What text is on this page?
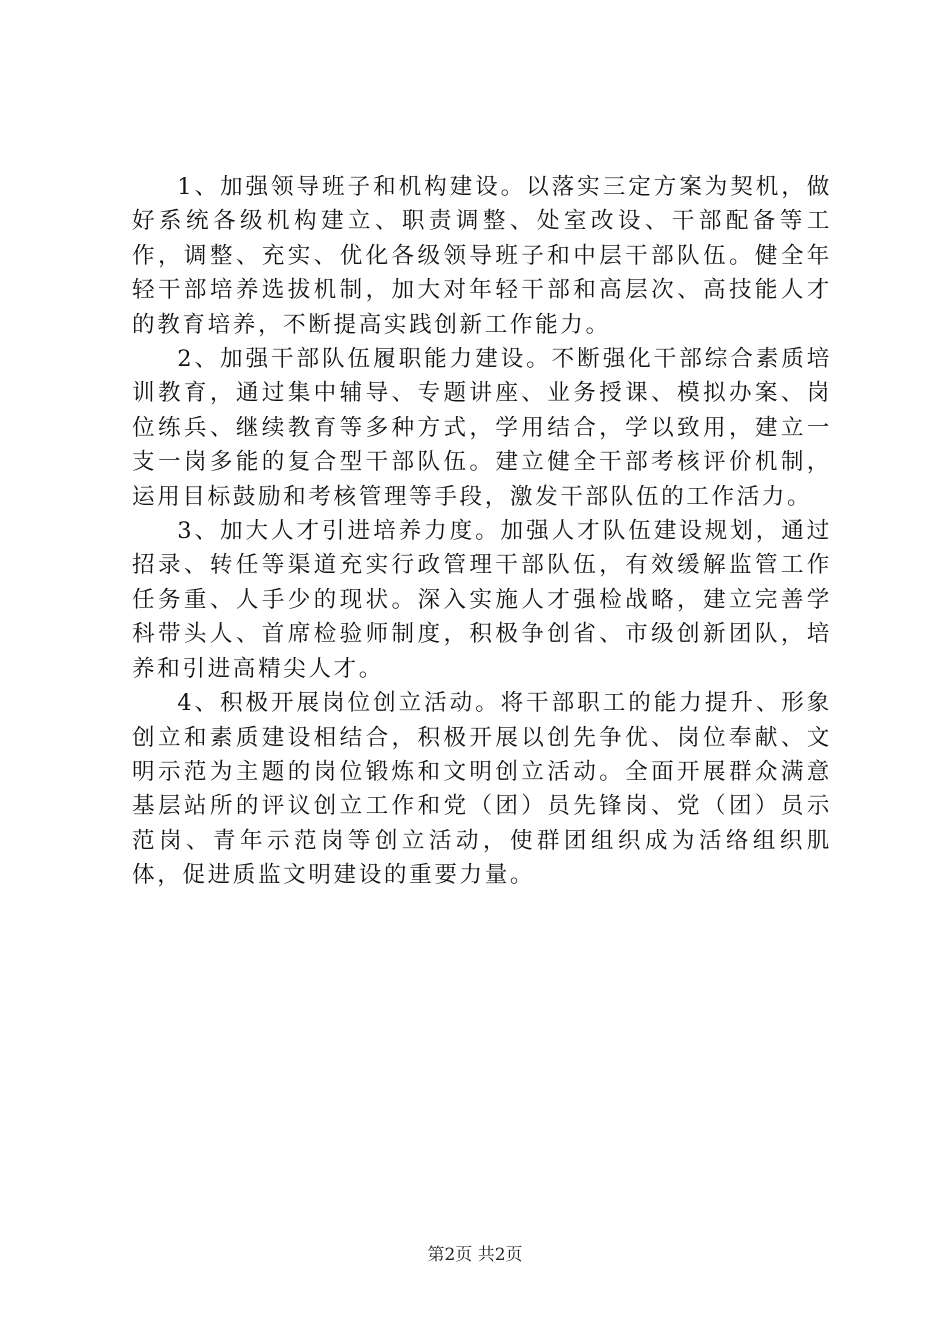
1、加强领导班子和机构建设。以落实三定方案为契机，做好系统各级机构建立、职责调整、处室改设、干部配备等工作，调整、充实、优化各级领导班子和中层干部队伍。健全年轻干部培养选拔机制，加大对年轻干部和高层次、高技能人才的教育培养，不断提高实践创新工作能力。

2、加强干部队伍履职能力建设。不断强化干部综合素质培训教育，通过集中辅导、专题讲座、业务授课、模拟办案、岗位练兵、继续教育等多种方式，学用结合，学以致用，建立一支一岗多能的复合型干部队伍。建立健全干部考核评价机制，运用目标鼓励和考核管理等手段，激发干部队伍的工作活力。

3、加大人才引进培养力度。加强人才队伍建设规划，通过招录、转任等渠道充实行政管理干部队伍，有效缓解监管工作任务重、人手少的现状。深入实施人才强检战略，建立完善学科带头人、首席检验师制度，积极争创省、市级创新团队，培养和引进高精尖人才。

4、积极开展岗位创立活动。将干部职工的能力提升、形象创立和素质建设相结合，积极开展以创先争优、岗位奉献、文明示范为主题的岗位锻炼和文明创立活动。全面开展群众满意基层站所的评议创立工作和党（团）员先锋岗、党（团）员示范岗、青年示范岗等创立活动，使群团组织成为活络组织肌体，促进质监文明建设的重要力量。

第2页 共2页
